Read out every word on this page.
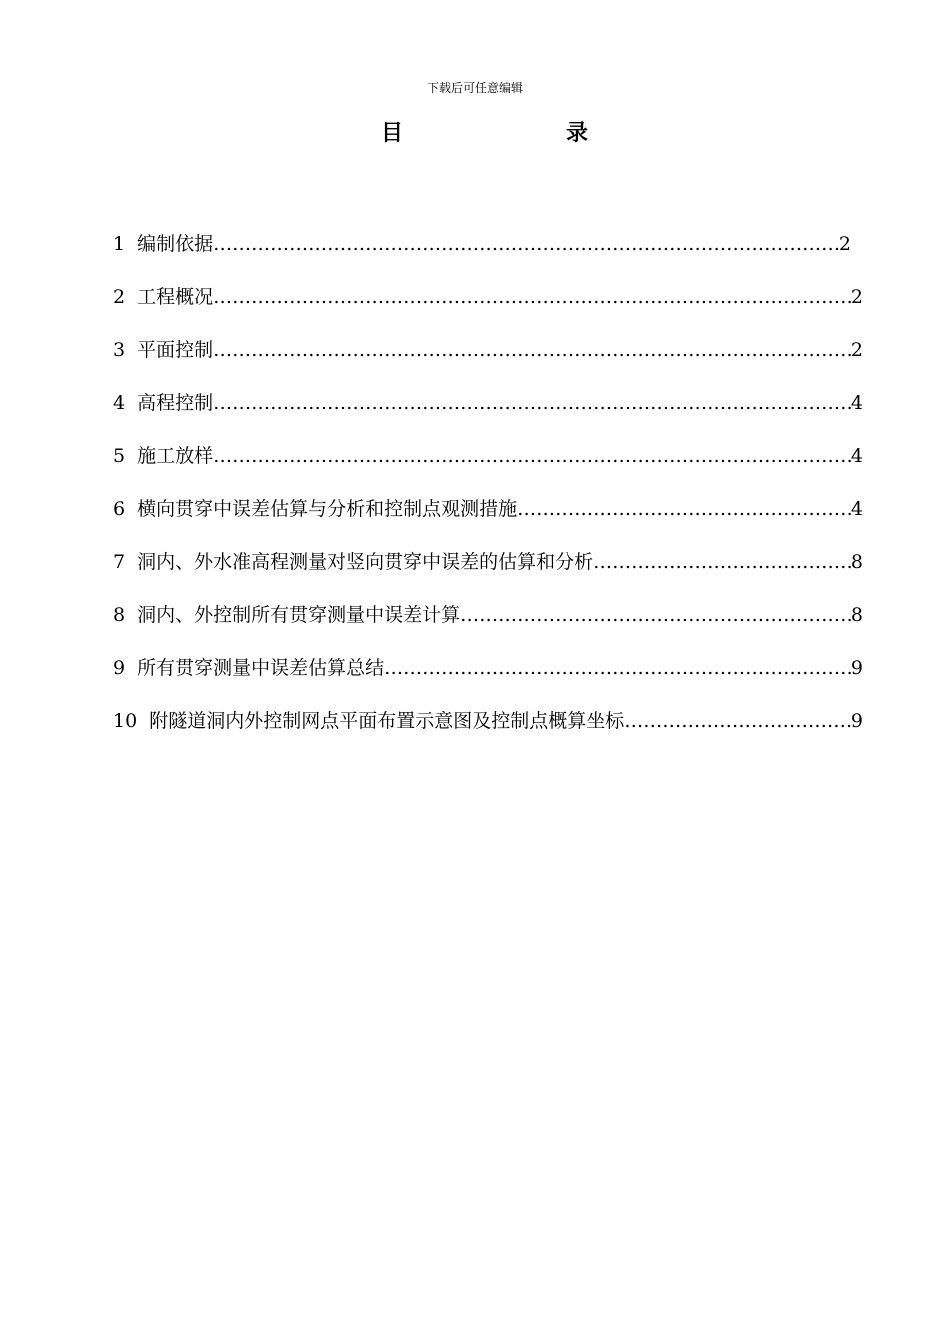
下载后可任意编辑
目	录
1 编制依据 ……………………………………………………………………………………………………………………………………………………………………	2
2 工程概况 ……………………………………………………………………………………………………………………………………………………………………	2
3 平面控制 ……………………………………………………………………………………………………………………………………………………………………	2
4 高程控制 ……………………………………………………………………………………………………………………………………………………………………	4
5 施工放样 ……………………………………………………………………………………………………………………………………………………………………	4
6 横向贯穿中误差估算与分析和控制点观测措施 ……………………………………………………………………………………………………………………………………………………………………	4
7 洞内、外水准高程测量对竖向贯穿中误差的估算和分析 ……………………………………………………………………………………………………………………………………………………………………	8
8 洞内、外控制所有贯穿测量中误差计算 ……………………………………………………………………………………………………………………………………………………………………	8
9 所有贯穿测量中误差估算总结 ……………………………………………………………………………………………………………………………………………………………………	9
10 附隧道洞内外控制网点平面布置示意图及控制点概算坐标 ……………………………………………………………………………………………………………………………………………………………………	9
